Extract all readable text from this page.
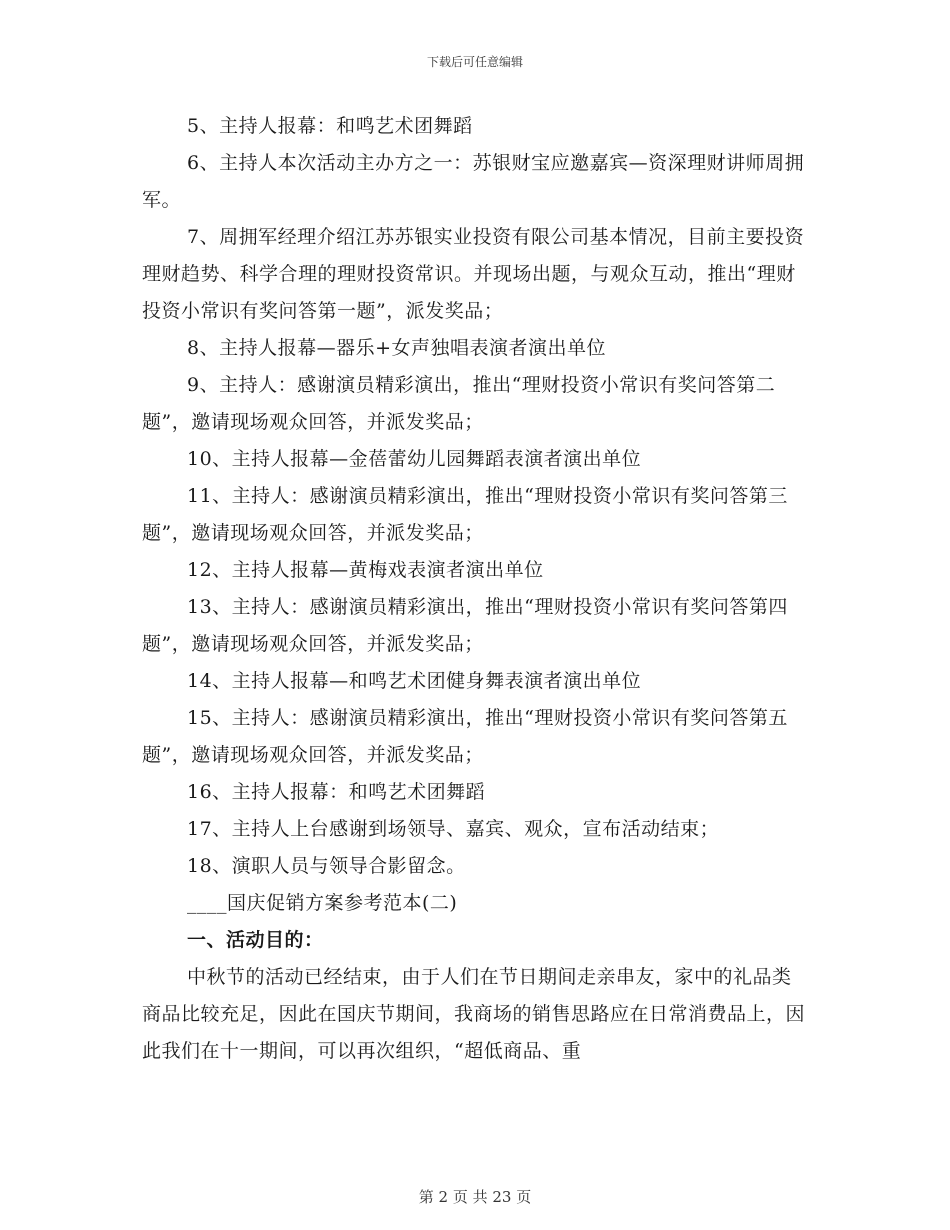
下载后可任意编辑

5、主持人报幕：和鸣艺术团舞蹈

6、主持人本次活动主办方之一：苏银财宝应邀嘉宾—资深理财讲师周拥军。

7、周拥军经理介绍江苏苏银实业投资有限公司基本情况，目前主要投资理财趋势、科学合理的理财投资常识。并现场出题，与观众互动，推出“理财投资小常识有奖问答第一题”，派发奖品；

8、主持人报幕—器乐+女声独唱表演者演出单位

9、主持人：感谢演员精彩演出，推出“理财投资小常识有奖问答第二题”，邀请现场观众回答，并派发奖品；

10、主持人报幕—金蓓蕾幼儿园舞蹈表演者演出单位

11、主持人：感谢演员精彩演出，推出“理财投资小常识有奖问答第三题”，邀请现场观众回答，并派发奖品；

12、主持人报幕—黄梅戏表演者演出单位

13、主持人：感谢演员精彩演出，推出“理财投资小常识有奖问答第四题”，邀请现场观众回答，并派发奖品；

14、主持人报幕—和鸣艺术团健身舞表演者演出单位

15、主持人：感谢演员精彩演出，推出“理财投资小常识有奖问答第五题”，邀请现场观众回答，并派发奖品；

16、主持人报幕：和鸣艺术团舞蹈

17、主持人上台感谢到场领导、嘉宾、观众，宣布活动结束；

18、演职人员与领导合影留念。

____国庆促销方案参考范本(二)

一、活动目的：

中秋节的活动已经结束，由于人们在节日期间走亲串友，家中的礼品类商品比较充足，因此在国庆节期间，我商场的销售思路应在日常消费品上，因此我们在十一期间，可以再次组织，“超低商品、重

第 2 页 共 23 页
